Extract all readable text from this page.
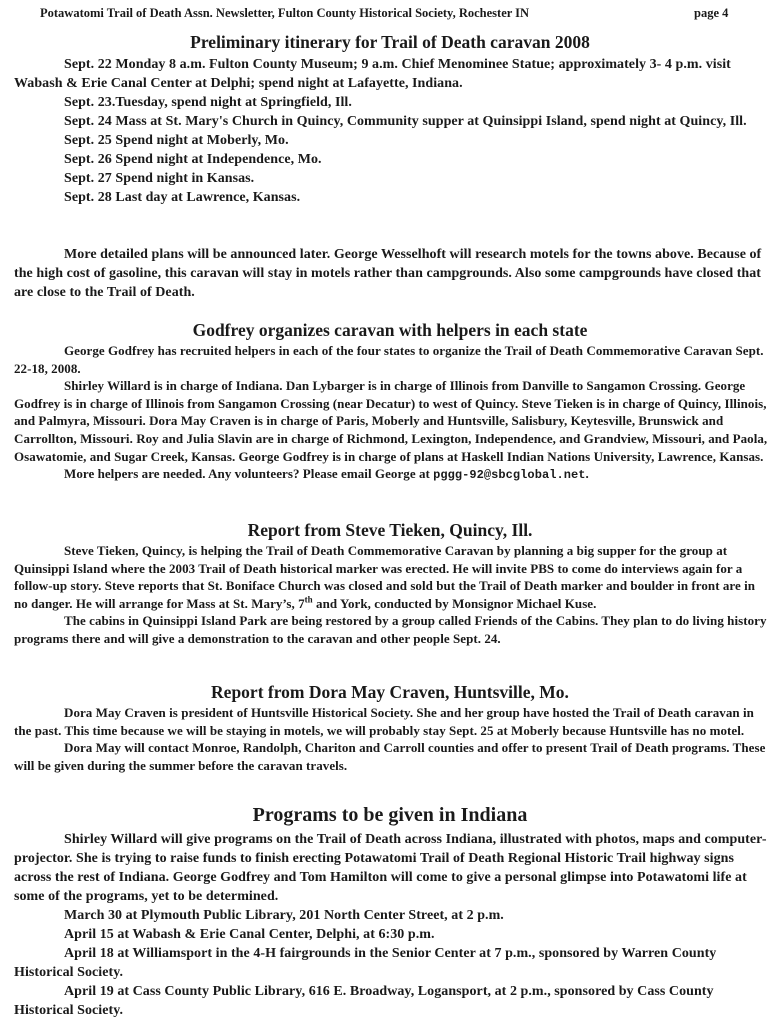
Potawatomi Trail of Death Assn. Newsletter, Fulton County Historical Society, Rochester IN	page 4
Preliminary itinerary for Trail of Death caravan 2008

Sept. 22 Monday 8 a.m. Fulton County Museum; 9 a.m. Chief Menominee Statue; approximately 3- 4 p.m. visit Wabash & Erie Canal Center at Delphi; spend night at Lafayette, Indiana.

Sept. 23.Tuesday, spend night at Springfield, Ill.

Sept. 24 Mass at St. Mary's Church in Quincy, Community supper at Quinsippi Island, spend night at Quincy, Ill.

Sept. 25 Spend night at Moberly, Mo.

Sept. 26 Spend night at Independence, Mo.

Sept. 27 Spend night in Kansas.

Sept. 28 Last day at Lawrence, Kansas.

More detailed plans will be announced later. George Wesselhoft will research motels for the towns above. Because of the high cost of gasoline, this caravan will stay in motels rather than campgrounds. Also some campgrounds have closed that are close to the Trail of Death.

Godfrey organizes caravan with helpers in each state

George Godfrey has recruited helpers in each of the four states to organize the Trail of Death Commemorative Caravan Sept. 22-18, 2008.

Shirley Willard is in charge of Indiana. Dan Lybarger is in charge of Illinois from Danville to Sangamon Crossing. George Godfrey is in charge of Illinois from Sangamon Crossing (near Decatur) to west of Quincy. Steve Tieken is in charge of Quincy, Illinois, and Palmyra, Missouri. Dora May Craven is in charge of Paris, Moberly and Huntsville, Salisbury, Keytesville, Brunswick and Carrollton, Missouri. Roy and Julia Slavin are in charge of Richmond, Lexington, Independence, and Grandview, Missouri, and Paola, Osawatomie, and Sugar Creek, Kansas. George Godfrey is in charge of plans at Haskell Indian Nations University, Lawrence, Kansas.

More helpers are needed. Any volunteers? Please email George at pggg-92@sbcglobal.net.

Report from Steve Tieken, Quincy, Ill.

Steve Tieken, Quincy, is helping the Trail of Death Commemorative Caravan by planning a big supper for the group at Quinsippi Island where the 2003 Trail of Death historical marker was erected. He will invite PBS to come do interviews again for a follow-up story. Steve reports that St. Boniface Church was closed and sold but the Trail of Death marker and boulder in front are in no danger. He will arrange for Mass at St. Mary’s, 7th and York, conducted by Monsignor Michael Kuse.

The cabins in Quinsippi Island Park are being restored by a group called Friends of the Cabins. They plan to do living history programs there and will give a demonstration to the caravan and other people Sept. 24.

Report from Dora May Craven, Huntsville, Mo.

Dora May Craven is president of Huntsville Historical Society. She and her group have hosted the Trail of Death caravan in the past. This time because we will be staying in motels, we will probably stay Sept. 25 at Moberly because Huntsville has no motel.

Dora May will contact Monroe, Randolph, Chariton and Carroll counties and offer to present Trail of Death programs. These will be given during the summer before the caravan travels.

Programs to be given in Indiana

Shirley Willard will give programs on the Trail of Death across Indiana, illustrated with photos, maps and computer-projector. She is trying to raise funds to finish erecting Potawatomi Trail of Death Regional Historic Trail highway signs across the rest of Indiana. George Godfrey and Tom Hamilton will come to give a personal glimpse into Potawatomi life at some of the programs, yet to be determined.

March 30 at Plymouth Public Library, 201 North Center Street, at 2 p.m.

April 15 at Wabash & Erie Canal Center, Delphi, at 6:30 p.m.

April 18 at Williamsport in the 4-H fairgrounds in the Senior Center at 7 p.m., sponsored by Warren County Historical Society.

April 19 at Cass County Public Library, 616 E. Broadway, Logansport, at 2 p.m., sponsored by Cass County Historical Society.
